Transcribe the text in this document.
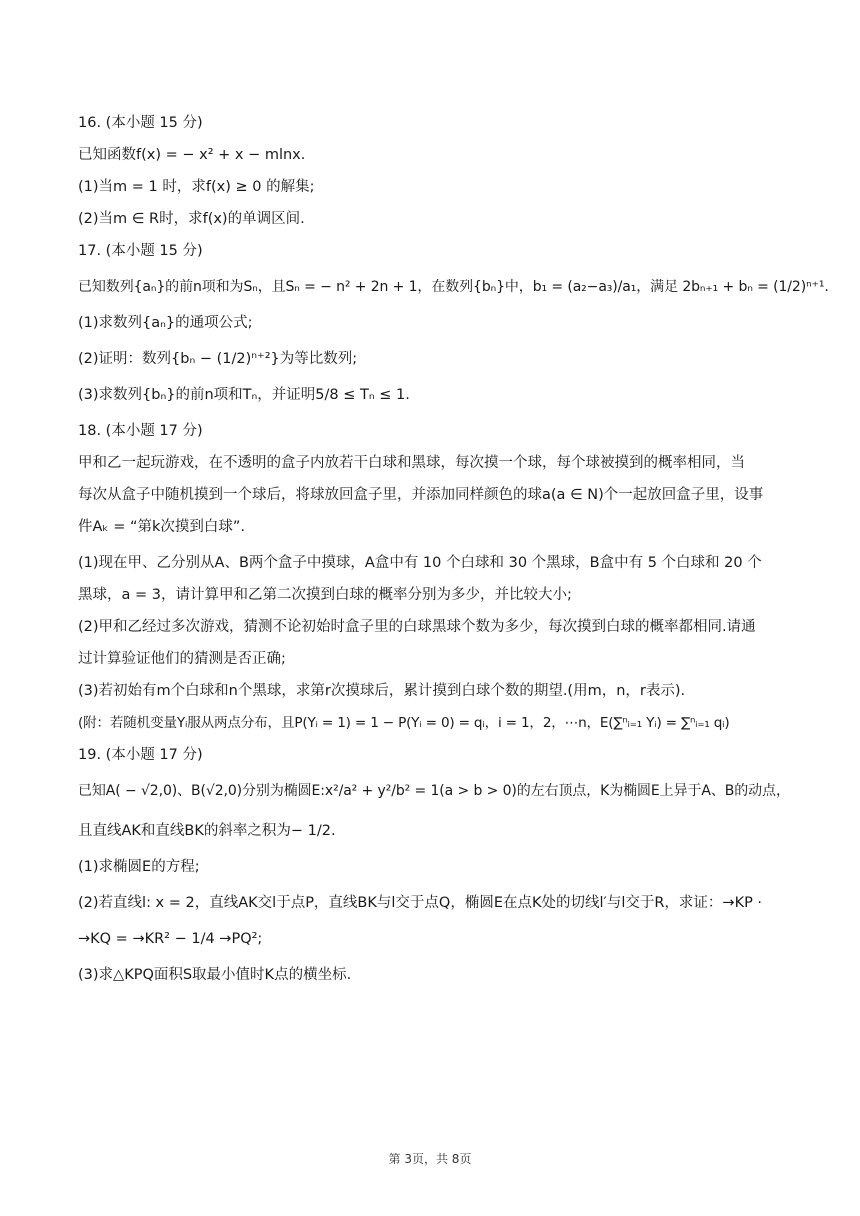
16. (本小题 15 分)

已知函数f(x) = − x² + x − mlnx.

(1)当m = 1 时，求f(x) ≥ 0 的解集;

(2)当m ∈ R时，求f(x)的单调区间.

17. (本小题 15 分)

已知数列{aₙ}的前n项和为Sₙ，且Sₙ = − n² + 2n + 1，在数列{bₙ}中，b₁ = (a₂−a₃)/a₁，满足 2bₙ₊₁ + bₙ = (1/2)ⁿ⁺¹.

(1)求数列{aₙ}的通项公式;

(2)证明：数列{bₙ − (1/2)ⁿ⁺²}为等比数列;

(3)求数列{bₙ}的前n项和Tₙ，并证明5/8 ≤ Tₙ ≤ 1.

18. (本小题 17 分)

甲和乙一起玩游戏，在不透明的盒子内放若干白球和黑球，每次摸一个球，每个球被摸到的概率相同，当

每次从盒子中随机摸到一个球后，将球放回盒子里，并添加同样颜色的球a(a ∈ N)个一起放回盒子里，设事

件Aₖ = “第k次摸到白球”.

(1)现在甲、乙分别从A、B两个盒子中摸球，A盒中有 10 个白球和 30 个黑球，B盒中有 5 个白球和 20 个

黑球，a = 3，请计算甲和乙第二次摸到白球的概率分别为多少，并比较大小;

(2)甲和乙经过多次游戏，猜测不论初始时盒子里的白球黑球个数为多少，每次摸到白球的概率都相同.请通

过计算验证他们的猜测是否正确;

(3)若初始有m个白球和n个黑球，求第r次摸球后，累计摸到白球个数的期望.(用m，n，r表示).

(附：若随机变量Yᵢ服从两点分布，且P(Yᵢ = 1) = 1 − P(Yᵢ = 0) = qᵢ，i = 1，2，⋯n，E(∑ⁿᵢ₌₁ Yᵢ) = ∑ⁿᵢ₌₁ qᵢ)

19. (本小题 17 分)

已知A( − √2,0)、B(√2,0)分别为椭圆E:x²/a² + y²/b² = 1(a > b > 0)的左右顶点，K为椭圆E上异于A、B的动点，

且直线AK和直线BK的斜率之积为− 1/2.

(1)求椭圆E的方程;

(2)若直线l: x = 2，直线AK交l于点P，直线BK与l交于点Q，椭圆E在点K处的切线l′与l交于R，求证：→KP ·

→KQ = →KR² − 1/4 →PQ²;

(3)求△KPQ面积S取最小值时K点的横坐标.

第 3页，共 8页
